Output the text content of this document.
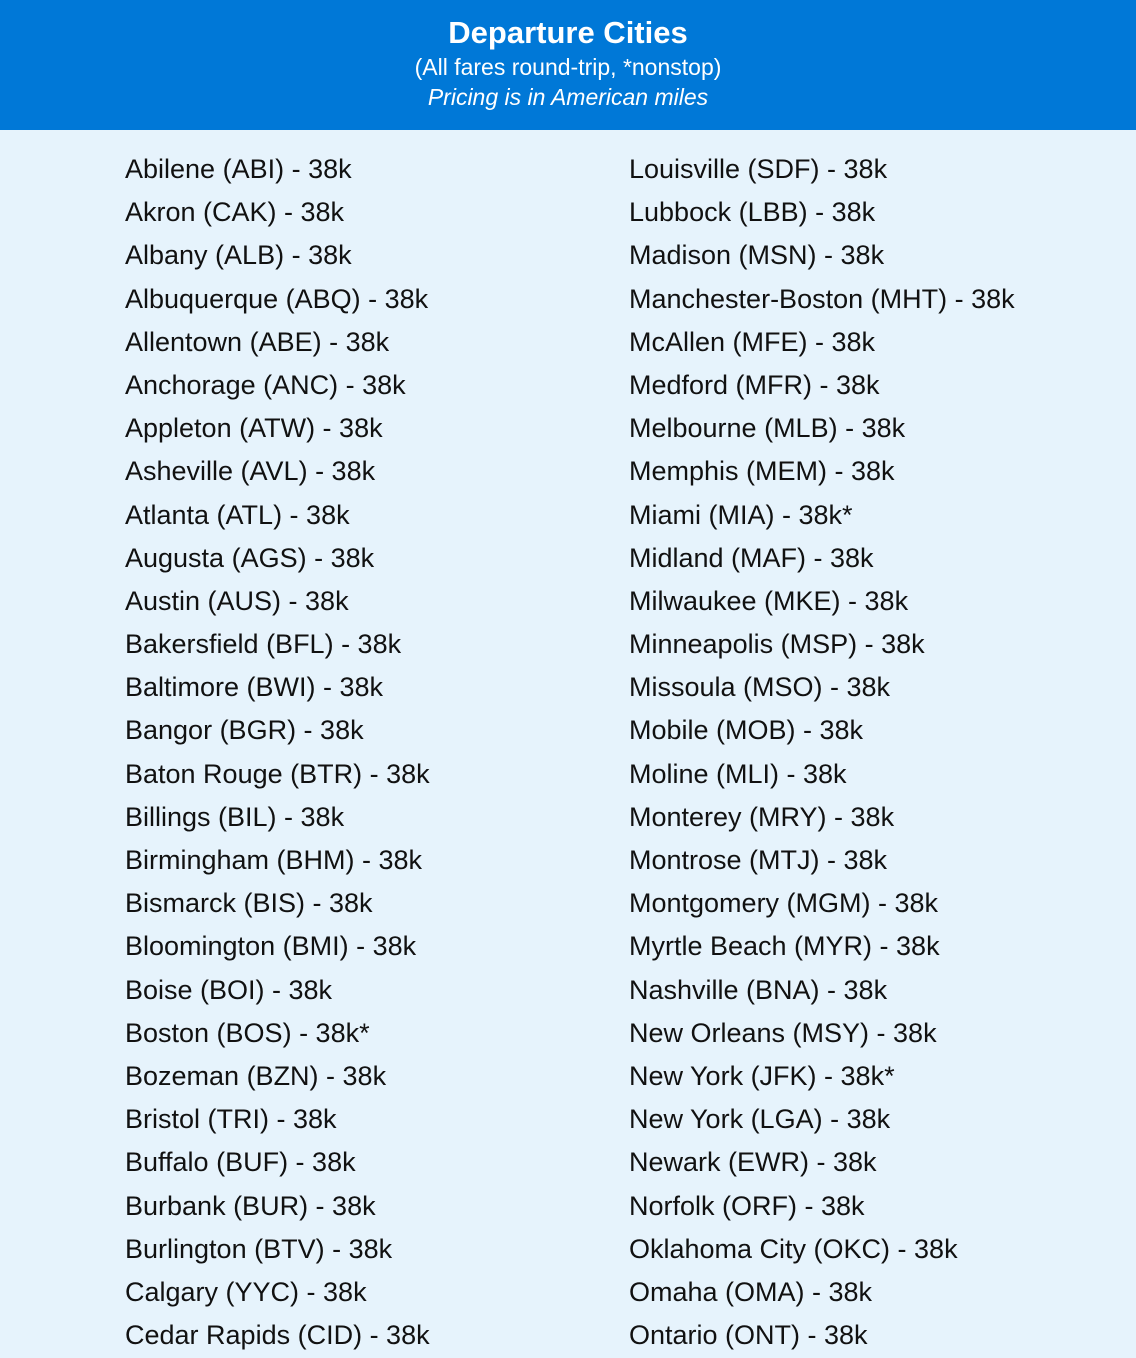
Departure Cities
(All fares round-trip, *nonstop)
Pricing is in American miles
Abilene (ABI) - 38k
Akron (CAK) - 38k
Albany (ALB) - 38k
Albuquerque (ABQ) - 38k
Allentown (ABE) - 38k
Anchorage (ANC) - 38k
Appleton (ATW) - 38k
Asheville (AVL) - 38k
Atlanta (ATL) - 38k
Augusta (AGS) - 38k
Austin (AUS) - 38k
Bakersfield (BFL) - 38k
Baltimore (BWI) - 38k
Bangor (BGR) - 38k
Baton Rouge (BTR) - 38k
Billings (BIL) - 38k
Birmingham (BHM) - 38k
Bismarck (BIS) - 38k
Bloomington (BMI) - 38k
Boise (BOI) - 38k
Boston (BOS) - 38k*
Bozeman (BZN) - 38k
Bristol (TRI) - 38k
Buffalo (BUF) - 38k
Burbank (BUR) - 38k
Burlington (BTV) - 38k
Calgary (YYC) - 38k
Cedar Rapids (CID) - 38k
Louisville (SDF) - 38k
Lubbock (LBB) - 38k
Madison (MSN) - 38k
Manchester-Boston (MHT) - 38k
McAllen (MFE) - 38k
Medford (MFR) - 38k
Melbourne (MLB) - 38k
Memphis (MEM) - 38k
Miami (MIA) - 38k*
Midland (MAF) - 38k
Milwaukee (MKE) - 38k
Minneapolis (MSP) - 38k
Missoula (MSO) - 38k
Mobile (MOB) - 38k
Moline (MLI) - 38k
Monterey (MRY) - 38k
Montrose (MTJ) - 38k
Montgomery (MGM) - 38k
Myrtle Beach (MYR) - 38k
Nashville (BNA) - 38k
New Orleans (MSY) - 38k
New York (JFK) - 38k*
New York (LGA) - 38k
Newark (EWR) - 38k
Norfolk (ORF) - 38k
Oklahoma City (OKC) - 38k
Omaha (OMA) - 38k
Ontario (ONT) - 38k
